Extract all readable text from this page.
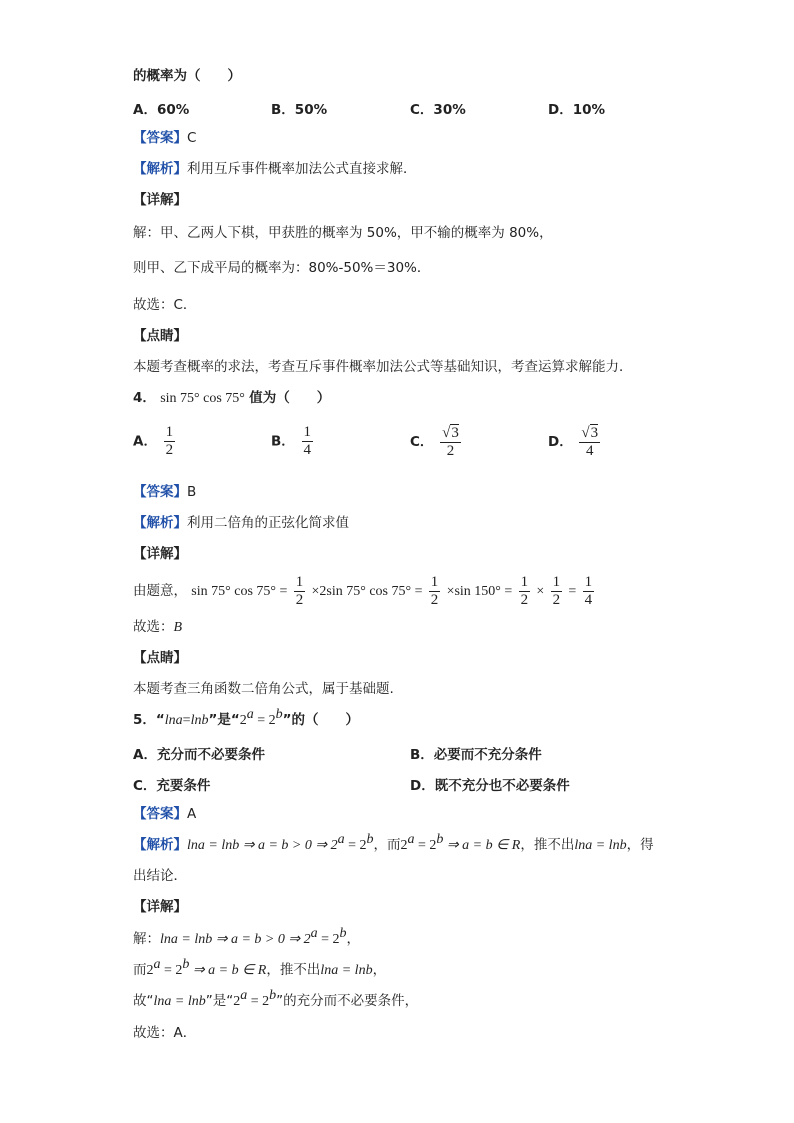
的概率为（　　）
A．60%	B．50%	C．30%	D．10%
【答案】C
【解析】利用互斥事件概率加法公式直接求解．
【详解】
解：甲、乙两人下棋，甲获胜的概率为 50%，甲不输的概率为 80%，
则甲、乙下成平局的概率为：80%-50%＝30%．
故选：C．
【点睛】
本题考查概率的求法，考查互斥事件概率加法公式等基础知识，考查运算求解能力．
4． sin 75° cos 75° 值为（　　）
A． $\frac{1}{2}$	B． $\frac{1}{4}$	C． $\frac{√3}{2}$	D． $\frac{√3}{4}$
【答案】B
【解析】利用二倍角的正弦化简求值
【详解】
由题意， sin 75° $\cos 75^\circ = \frac{1}{2} \times 2\sin$ 75° $\cos 75^\circ = \frac{1}{2} \times\sin$ $150^\circ = \frac{1}{2} \times \frac{1}{2} = \frac{1}{4}$
故选：B
【点睛】
本题考查三角函数二倍角公式，属于基础题.
5．“lna=lnb”是“$2^a = 2^b$”的（　　）
A．充分而不必要条件	B．必要而不充分条件
C．充要条件	D．既不充分也不必要条件
【答案】A
【解析】lna = lnb ⇒ a = b > 0 ⇒ $2^a = 2^b$，而$2^a = 2^b$ ⇒ a = b ∈ R，推不出lna = lnb，得
出结论．
【详解】
解：lna = lnb ⇒ a = b > 0 ⇒ $2^a = 2^b$，
而$2^a = 2^b$ ⇒ a = b ∈ R，推不出lna = lnb，
故“lna = lnb”是“$2^a = 2^b$”的充分而不必要条件，
故选：A．
